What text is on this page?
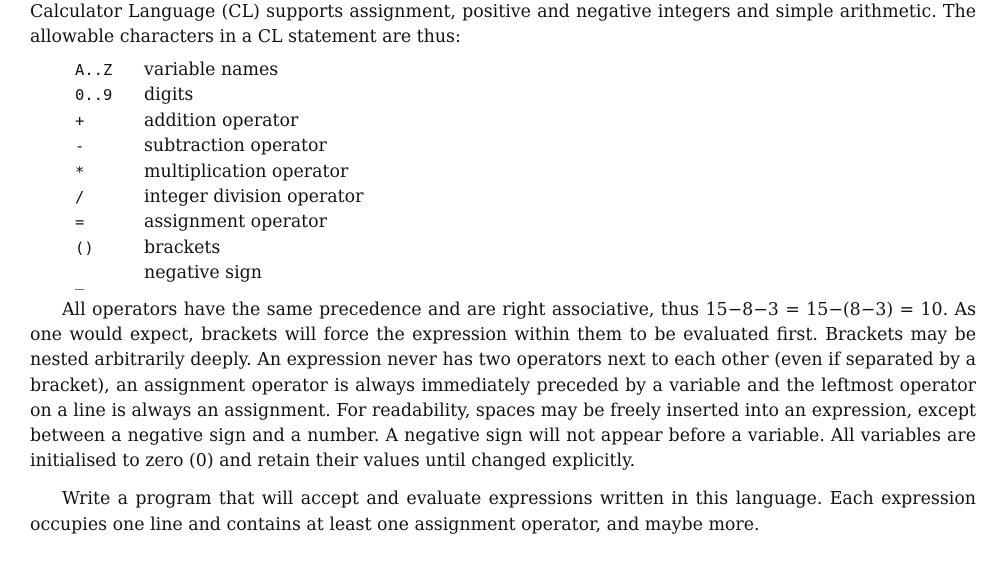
Calculator Language (CL) supports assignment, positive and negative integers and simple arithmetic. The allowable characters in a CL statement are thus:

A..Z	variable names
0..9	digits
+	addition operator
-	subtraction operator
*	multiplication operator
/	integer division operator
=	assignment operator
()	brackets
_	negative sign

All operators have the same precedence and are right associative, thus 15−8−3 = 15−(8−3) = 10. As one would expect, brackets will force the expression within them to be evaluated first. Brackets may be nested arbitrarily deeply. An expression never has two operators next to each other (even if separated by a bracket), an assignment operator is always immediately preceded by a variable and the leftmost operator on a line is always an assignment. For readability, spaces may be freely inserted into an expression, except between a negative sign and a number. A negative sign will not appear before a variable. All variables are initialised to zero (0) and retain their values until changed explicitly.

Write a program that will accept and evaluate expressions written in this language. Each expression occupies one line and contains at least one assignment operator, and maybe more.
